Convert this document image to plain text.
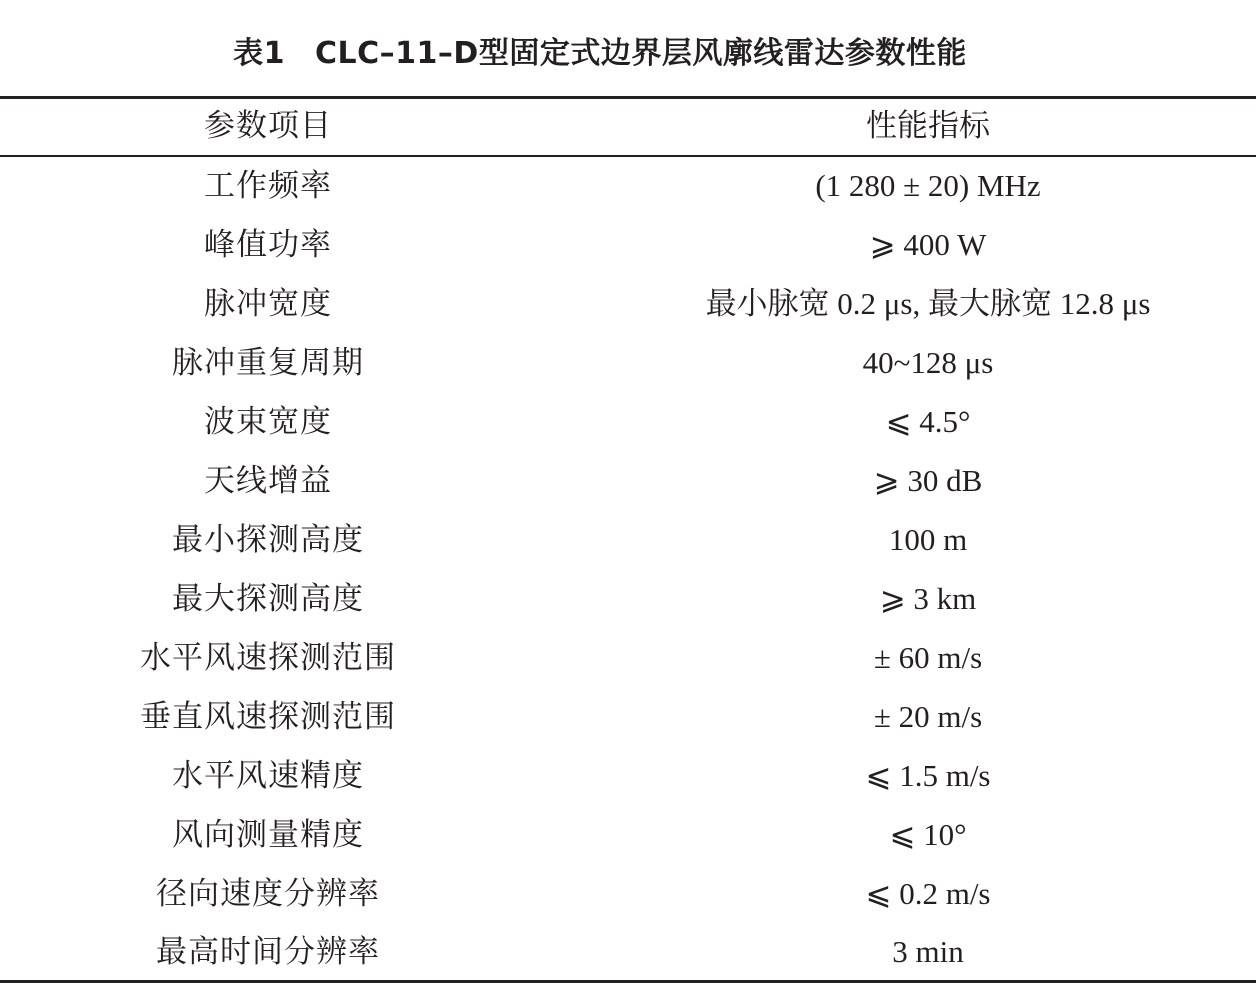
表1 CLC–11–D型固定式边界层风廓线雷达参数性能
参数项目	性能指标
工作频率	(1 280 ± 20) MHz
峰值功率	⩾ 400 W
脉冲宽度	最小脉宽 0.2 μs, 最大脉宽 12.8 μs
脉冲重复周期	40~128 μs
波束宽度	⩽ 4.5°
天线增益	⩾ 30 dB
最小探测高度	100 m
最大探测高度	⩾ 3 km
水平风速探测范围	± 60 m/s
垂直风速探测范围	± 20 m/s
水平风速精度	⩽ 1.5 m/s
风向测量精度	⩽ 10°
径向速度分辨率	⩽ 0.2 m/s
最高时间分辨率	3 min
